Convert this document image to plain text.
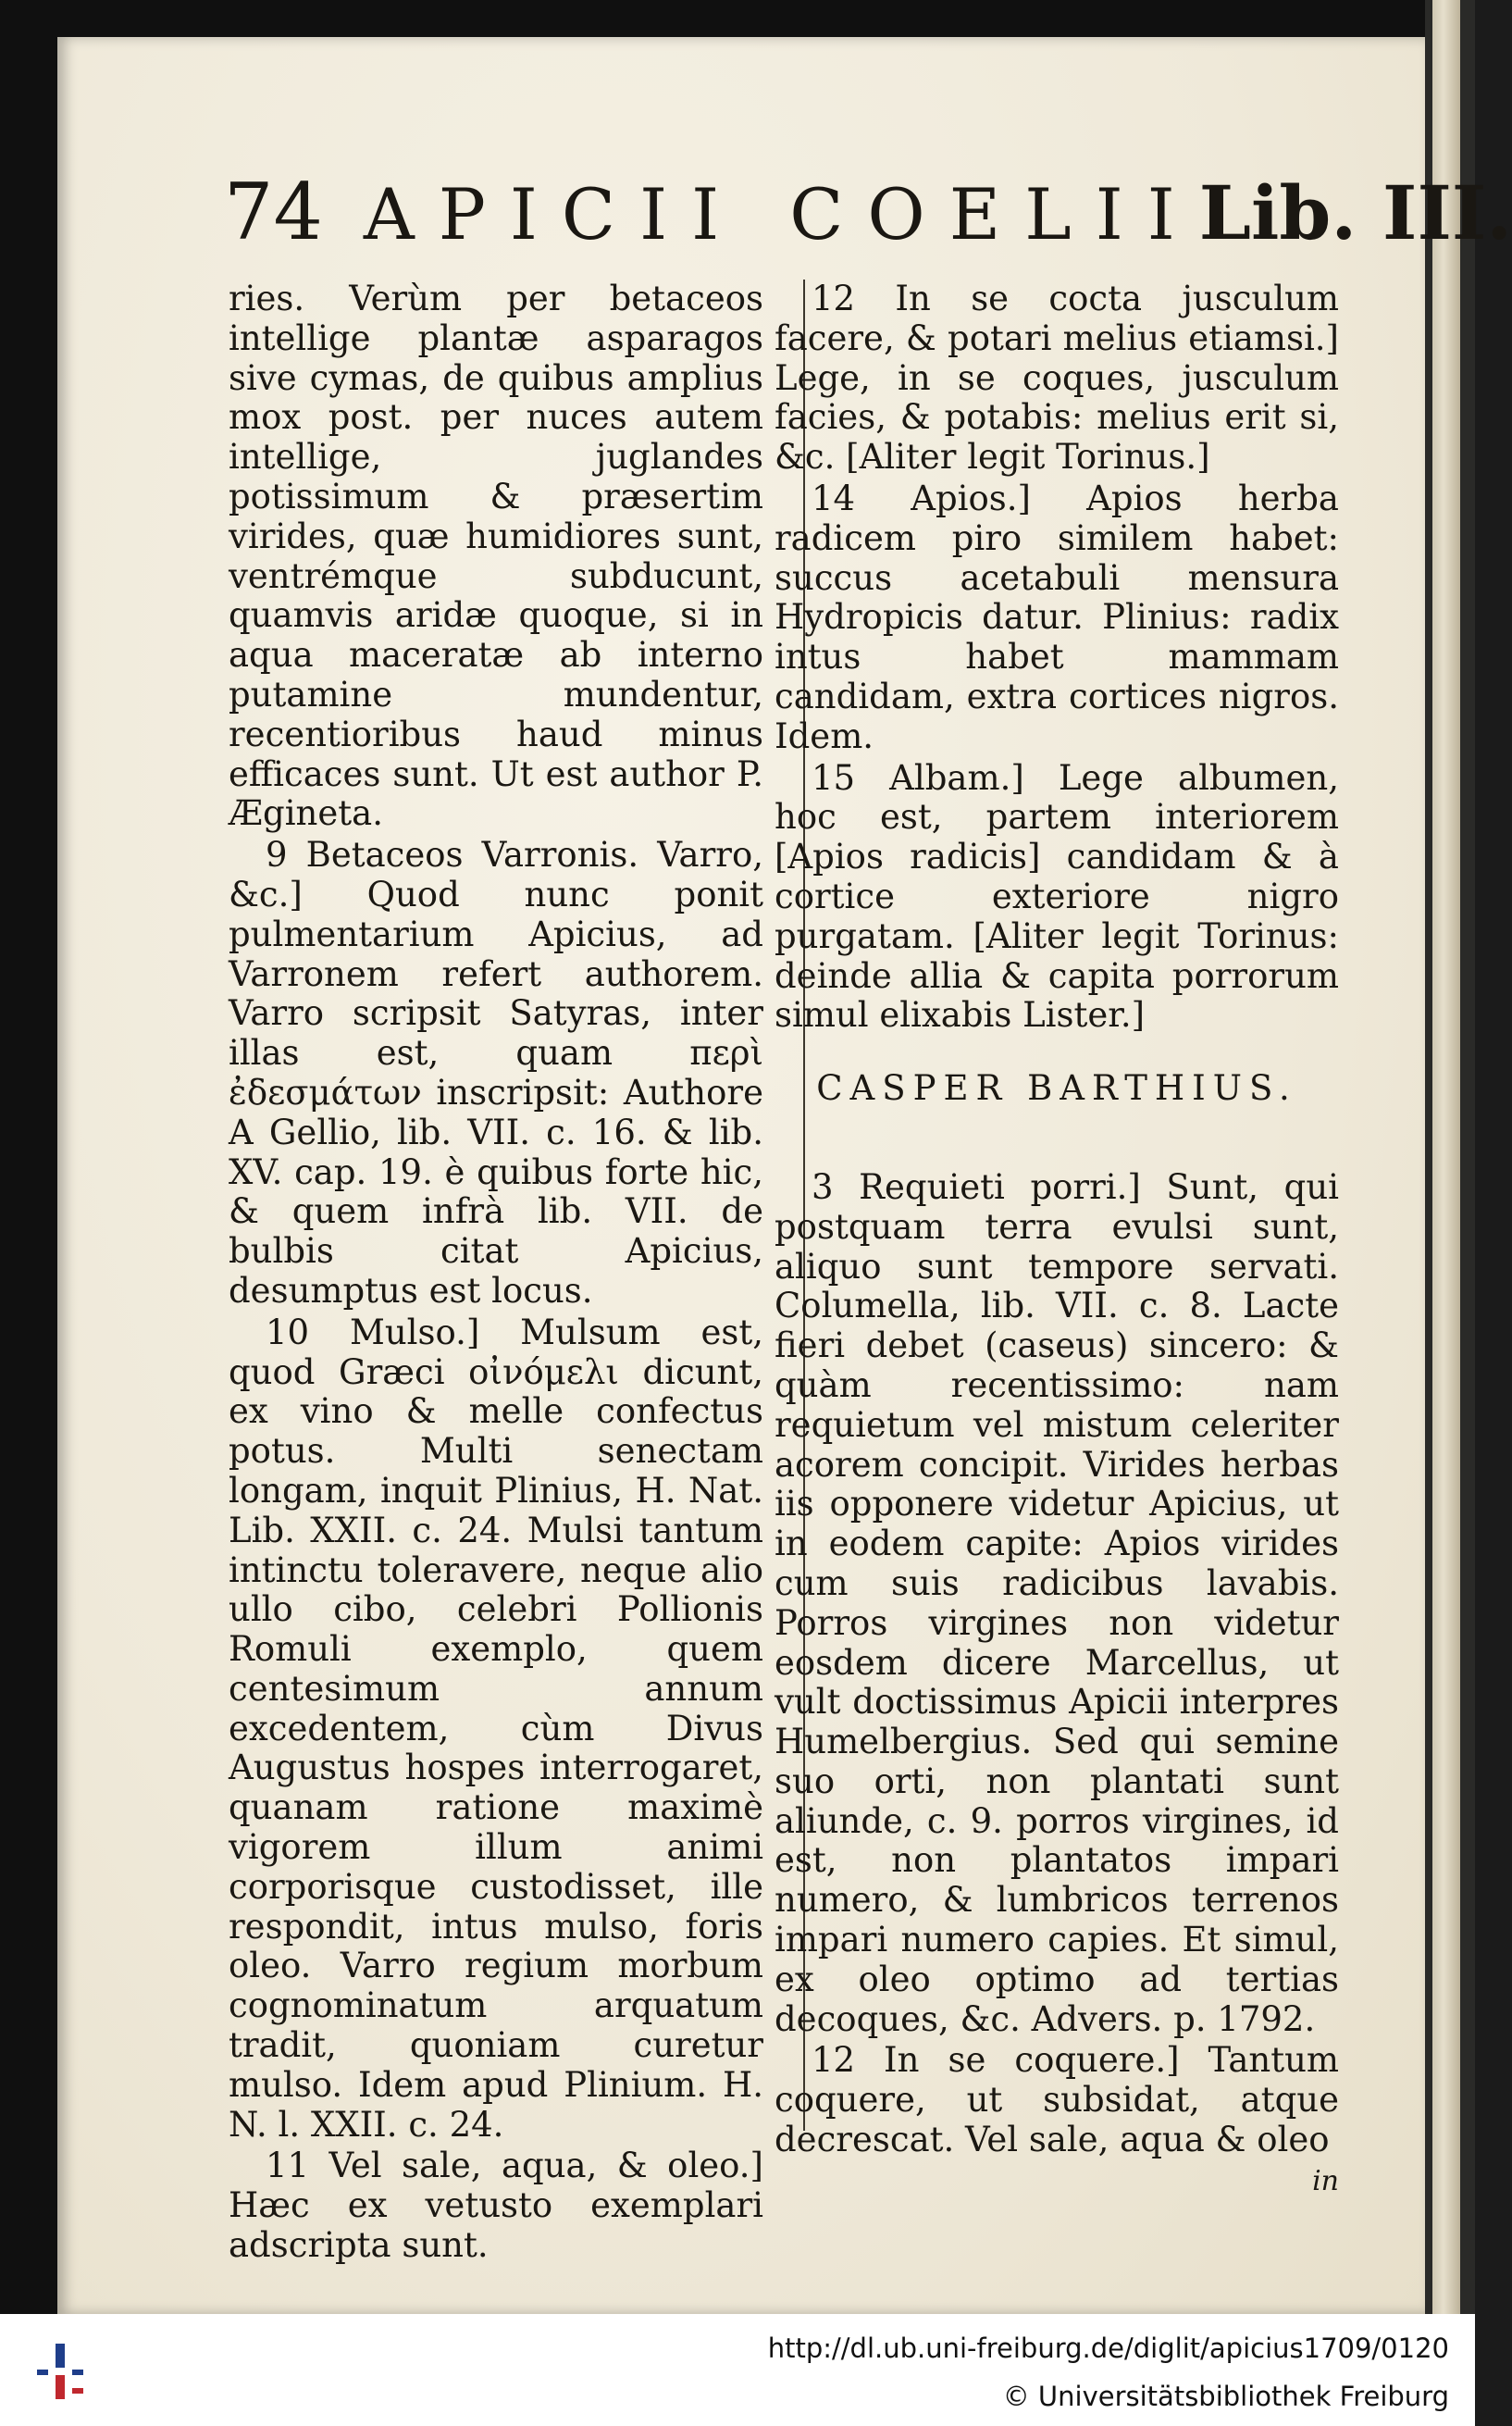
74 APICII COELII Lib. III.

ries. Verùm per betaceos intellige plantæ asparagos sive cymas, de quibus amplius mox post. per nuces autem intellige, juglandes potissimum & præsertim virides, quæ humidiores sunt, ventrémque subducunt, quamvis aridæ quoque, si in aqua maceratæ ab interno putamine mundentur, recentioribus haud minus efficaces sunt. Ut est author P. Ægineta.

9 Betaceos Varronis. Varro, &c.] Quod nunc ponit pulmentarium Apicius, ad Varronem refert authorem. Varro scripsit Satyras, inter illas est, quam περὶ ἐδεσμάτων inscripsit: Authore A Gellio, lib. VII. c. 16. & lib. XV. cap. 19. è quibus forte hic, & quem infrà lib. VII. de bulbis citat Apicius, desumptus est locus.

10 Mulso.] Mulsum est, quod Græci οἰνόμελι dicunt, ex vino & melle confectus potus. Multi senectam longam, inquit Plinius, H. Nat. Lib. XXII. c. 24. Mulsi tantum intinctu toleravere, neque alio ullo cibo, celebri Pollionis Romuli exemplo, quem centesimum annum excedentem, cùm Divus Augustus hospes interrogaret, quanam ratione maximè vigorem illum animi corporisque custodisset, ille respondit, intus mulso, foris oleo. Varro regium morbum cognominatum arquatum tradit, quoniam curetur mulso. Idem apud Plinium. H. N. l. XXII. c. 24.

11 Vel sale, aqua, & oleo.] Hæc ex vetusto exemplari adscripta sunt.

12 In se cocta jusculum facere, & potari melius etiamsi.] Lege, in se coques, jusculum facies, & potabis: melius erit si, &c. [Aliter legit Torinus.]

14 Apios.] Apios herba radicem piro similem habet: succus acetabuli mensura Hydropicis datur. Plinius: radix intus habet mammam candidam, extra cortices nigros. Idem.

15 Albam.] Lege albumen, hoc est, partem interiorem [Apios radicis] candidam & à cortice exteriore nigro purgatam. [Aliter legit Torinus: deinde allia & capita porrorum simul elixabis Lister.]

CASPER BARTHIUS.

3 Requieti porri.] Sunt, qui postquam terra evulsi sunt, aliquo sunt tempore servati. Columella, lib. VII. c. 8. Lacte fieri debet (caseus) sincero: & quàm recentissimo: nam requietum vel mistum celeriter acorem concipit. Virides herbas iis opponere videtur Apicius, ut in eodem capite: Apios virides cum suis radicibus lavabis. Porros virgines non videtur eosdem dicere Marcellus, ut vult doctissimus Apicii interpres Humelbergius. Sed qui semine suo orti, non plantati sunt aliunde, c. 9. porros virgines, id est, non plantatos impari numero, & lumbricos terrenos impari numero capies. Et simul, ex oleo optimo ad tertias decoques, &c. Advers. p. 1792.

12 In se coquere.] Tantum coquere, ut subsidat, atque decrescat. Vel sale, aqua & oleo

in

http://dl.ub.uni-freiburg.de/diglit/apicius1709/0120
© Universitätsbibliothek Freiburg
